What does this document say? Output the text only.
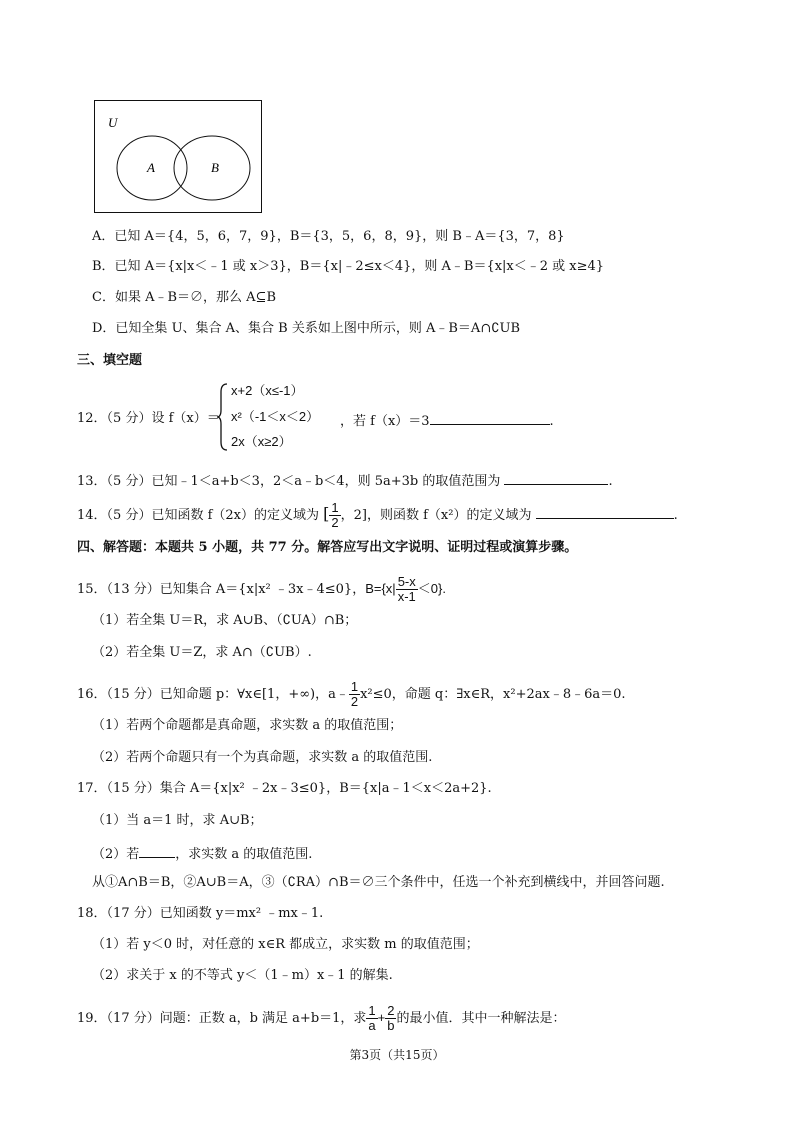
U
A	B
A．已知 A＝{4，5，6，7，9}，B＝{3，5，6，8，9}，则 B﹣A＝{3，7，8}
B．已知 A＝{x|x＜﹣1 或 x＞3}，B＝{x|﹣2≤x＜4}，则 A﹣B＝{x|x＜﹣2 或 x≥4}
C．如果 A﹣B＝∅，那么 A⊆B
D．已知全集 U、集合 A、集合 B 关系如上图中所示，则 A﹣B＝A∩∁UB
三、填空题
12．（5 分）设 f（x）＝
x+2（x≤-1）
x²（-1＜x＜2）
2x（x≥2）
，若 f（x）＝3	.
13．（5 分）已知﹣1＜a+b＜3，2＜a﹣b＜4，则 5a+3b 的取值范围为	.
14．（5 分）已知函数 f（2x）的定义域为 [ $\frac{1}{2}$ ，2]，则函数 f（x²）的定义域为	.
四、解答题：本题共 5 小题，共 77 分。解答应写出文字说明、证明过程或演算步骤。
15．（13 分）已知集合 A＝{x|x² ﹣3x﹣4≤0}，$B=\{x| \frac{5-x}{x-1} <0\}$.
（1）若全集 U＝R，求 A∪B、（∁UA）∩B；
（2）若全集 U＝Z，求 A∩（∁UB）.
16．（15 分）已知命题 p：∀x∈[1，+∞)，a﹣ $\frac{1}{2} x^2\le 0$，命题 q：∃x∈R，x²+2ax﹣8﹣6a＝0.
（1）若两个命题都是真命题，求实数 a 的取值范围；
（2）若两个命题只有一个为真命题，求实数 a 的取值范围.
17．（15 分）集合 A＝{x|x² ﹣2x﹣3≤0}，B＝{x|a﹣1＜x＜2a+2}.
（1）当 a＝1 时，求 A∪B；
（2）若	，求实数 a 的取值范围.
从①A∩B＝B，②A∪B＝A，③（∁RA）∩B＝∅三个条件中，任选一个补充到横线中，并回答问题.
18．（17 分）已知函数 y＝mx² ﹣mx﹣1.
（1）若 y＜0 时，对任意的 x∈R 都成立，求实数 m 的取值范围；
（2）求关于 x 的不等式 y＜（1﹣m）x﹣1 的解集.
19．（17 分）问题：正数 a，b 满足 a+b＝1，求 $\frac{1}{a} + \frac{2}{b}$ 的最小值．其中一种解法是：
第3页（共15页）
